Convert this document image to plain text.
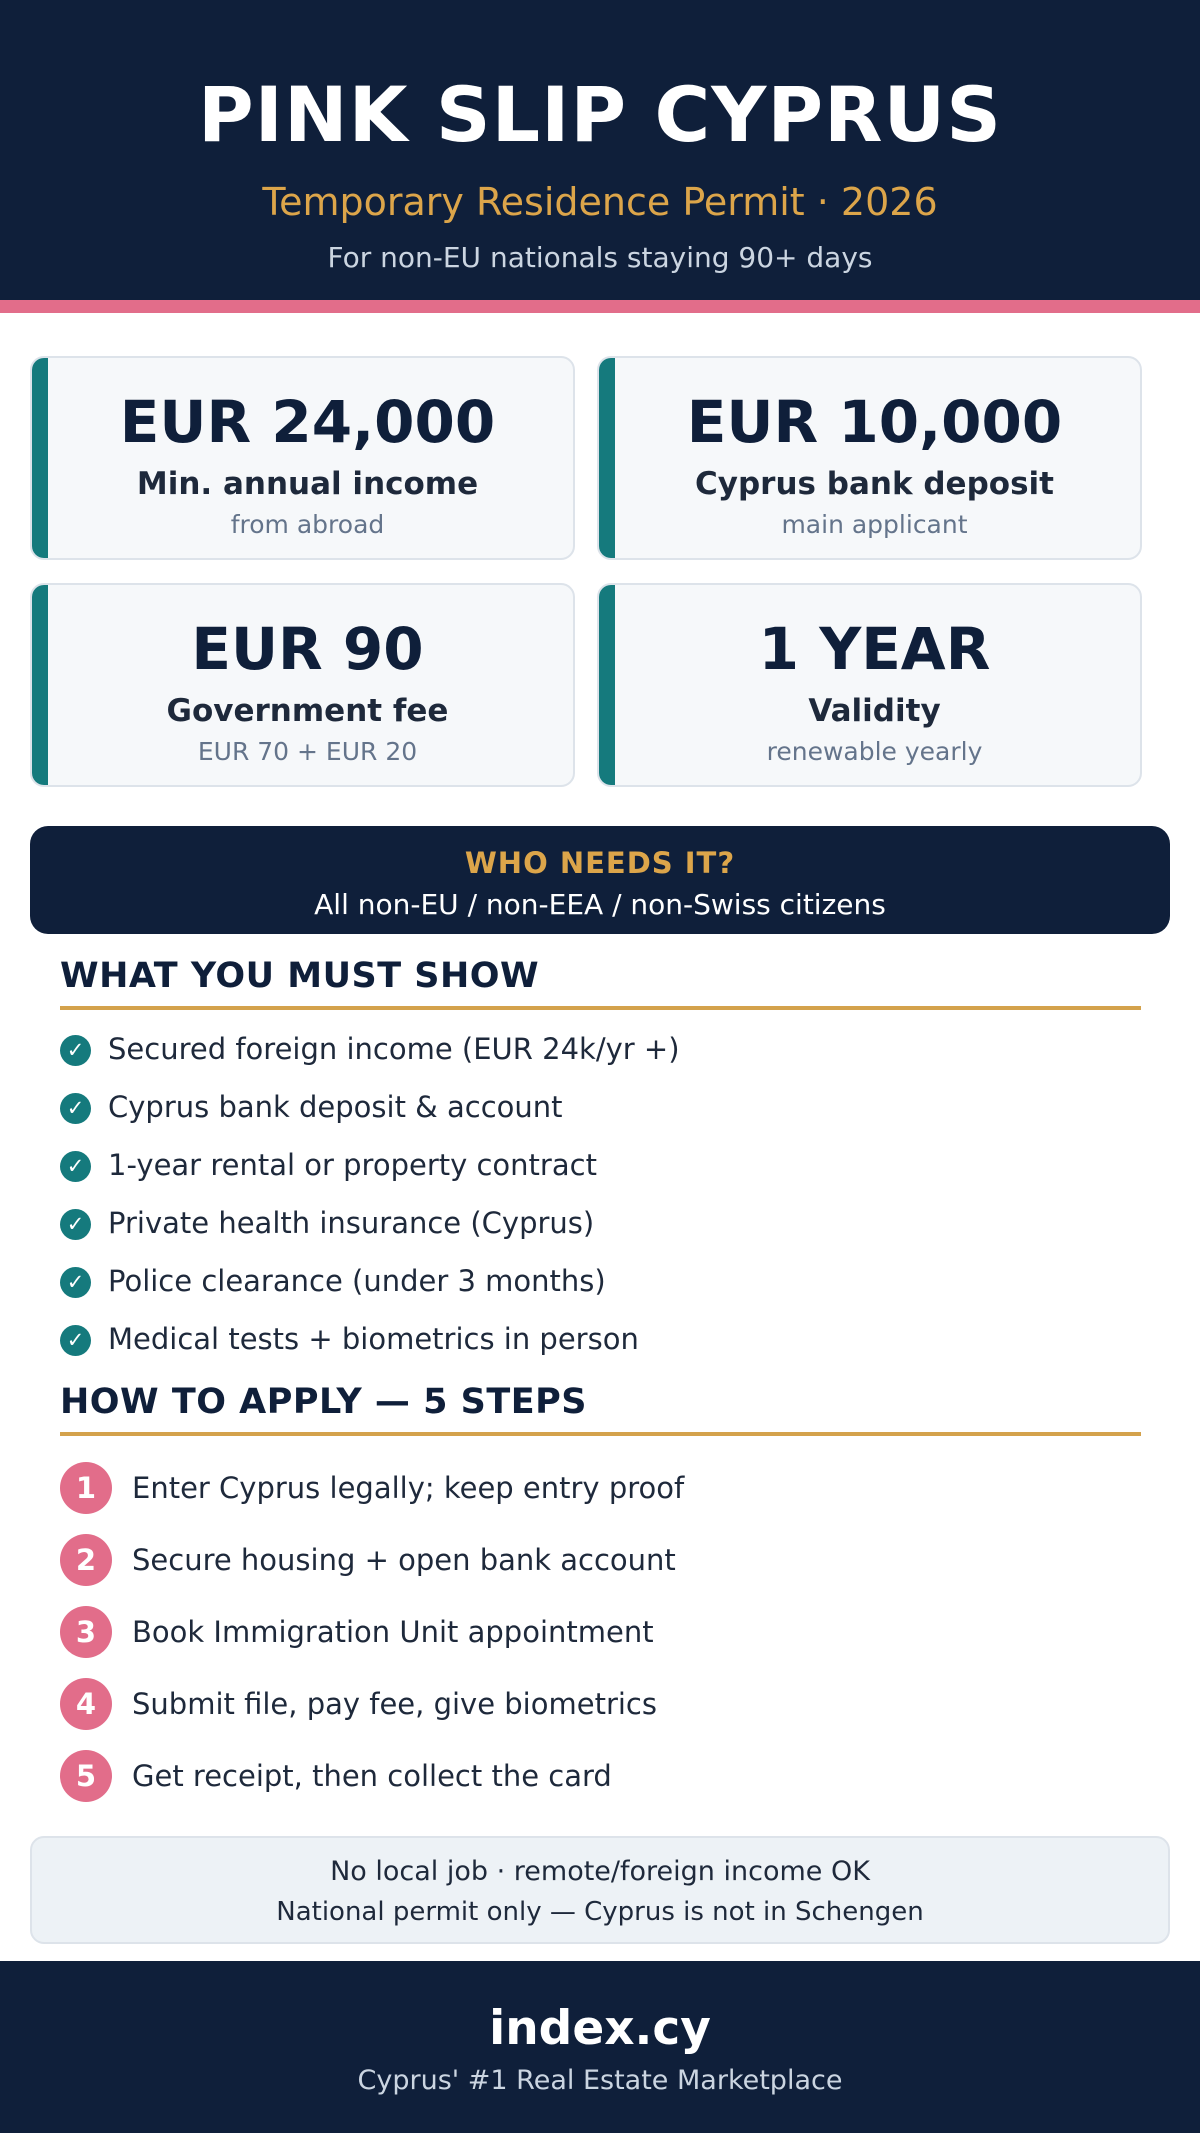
PINK SLIP CYPRUS
Temporary Residence Permit · 2026
For non-EU nationals staying 90+ days
EUR 24,000
Min. annual income
from abroad
EUR 10,000
Cyprus bank deposit
main applicant
EUR 90
Government fee
EUR 70 + EUR 20
1 YEAR
Validity
renewable yearly
WHO NEEDS IT?
All non-EU / non-EEA / non-Swiss citizens
WHAT YOU MUST SHOW
✓ Secured foreign income (EUR 24k/yr +)
✓ Cyprus bank deposit & account
✓ 1-year rental or property contract
✓ Private health insurance (Cyprus)
✓ Police clearance (under 3 months)
✓ Medical tests + biometrics in person
HOW TO APPLY — 5 STEPS
1	Enter Cyprus legally; keep entry proof
2	Secure housing + open bank account
3	Book Immigration Unit appointment
4	Submit file, pay fee, give biometrics
5	Get receipt, then collect the card
No local job · remote/foreign income OK
National permit only — Cyprus is not in Schengen
index.cy
Cyprus' #1 Real Estate Marketplace
